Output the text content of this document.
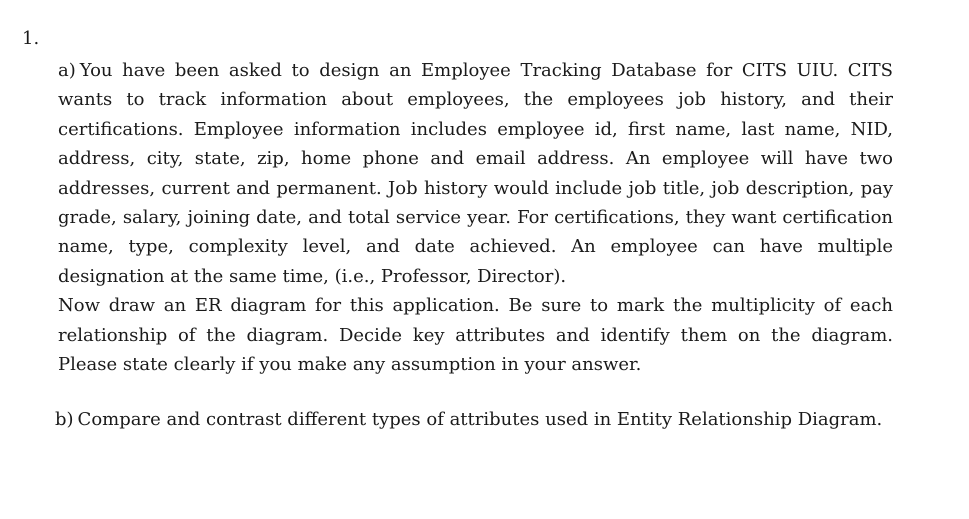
1.

a) You have been asked to design an Employee Tracking Database for CITS UIU. CITS wants to track information about employees, the employees job history, and their certifications. Employee information includes employee id, first name, last name, NID, address, city, state, zip, home phone and email address. An employee will have two addresses, current and permanent. Job history would include job title, job description, pay grade, salary, joining date, and total service year. For certifications, they want certification name, type, complexity level, and date achieved. An employee can have multiple designation at the same time, (i.e., Professor, Director).

Now draw an ER diagram for this application. Be sure to mark the multiplicity of each relationship of the diagram. Decide key attributes and identify them on the diagram. Please state clearly if you make any assumption in your answer.

b) Compare and contrast different types of attributes used in Entity Relationship Diagram.
